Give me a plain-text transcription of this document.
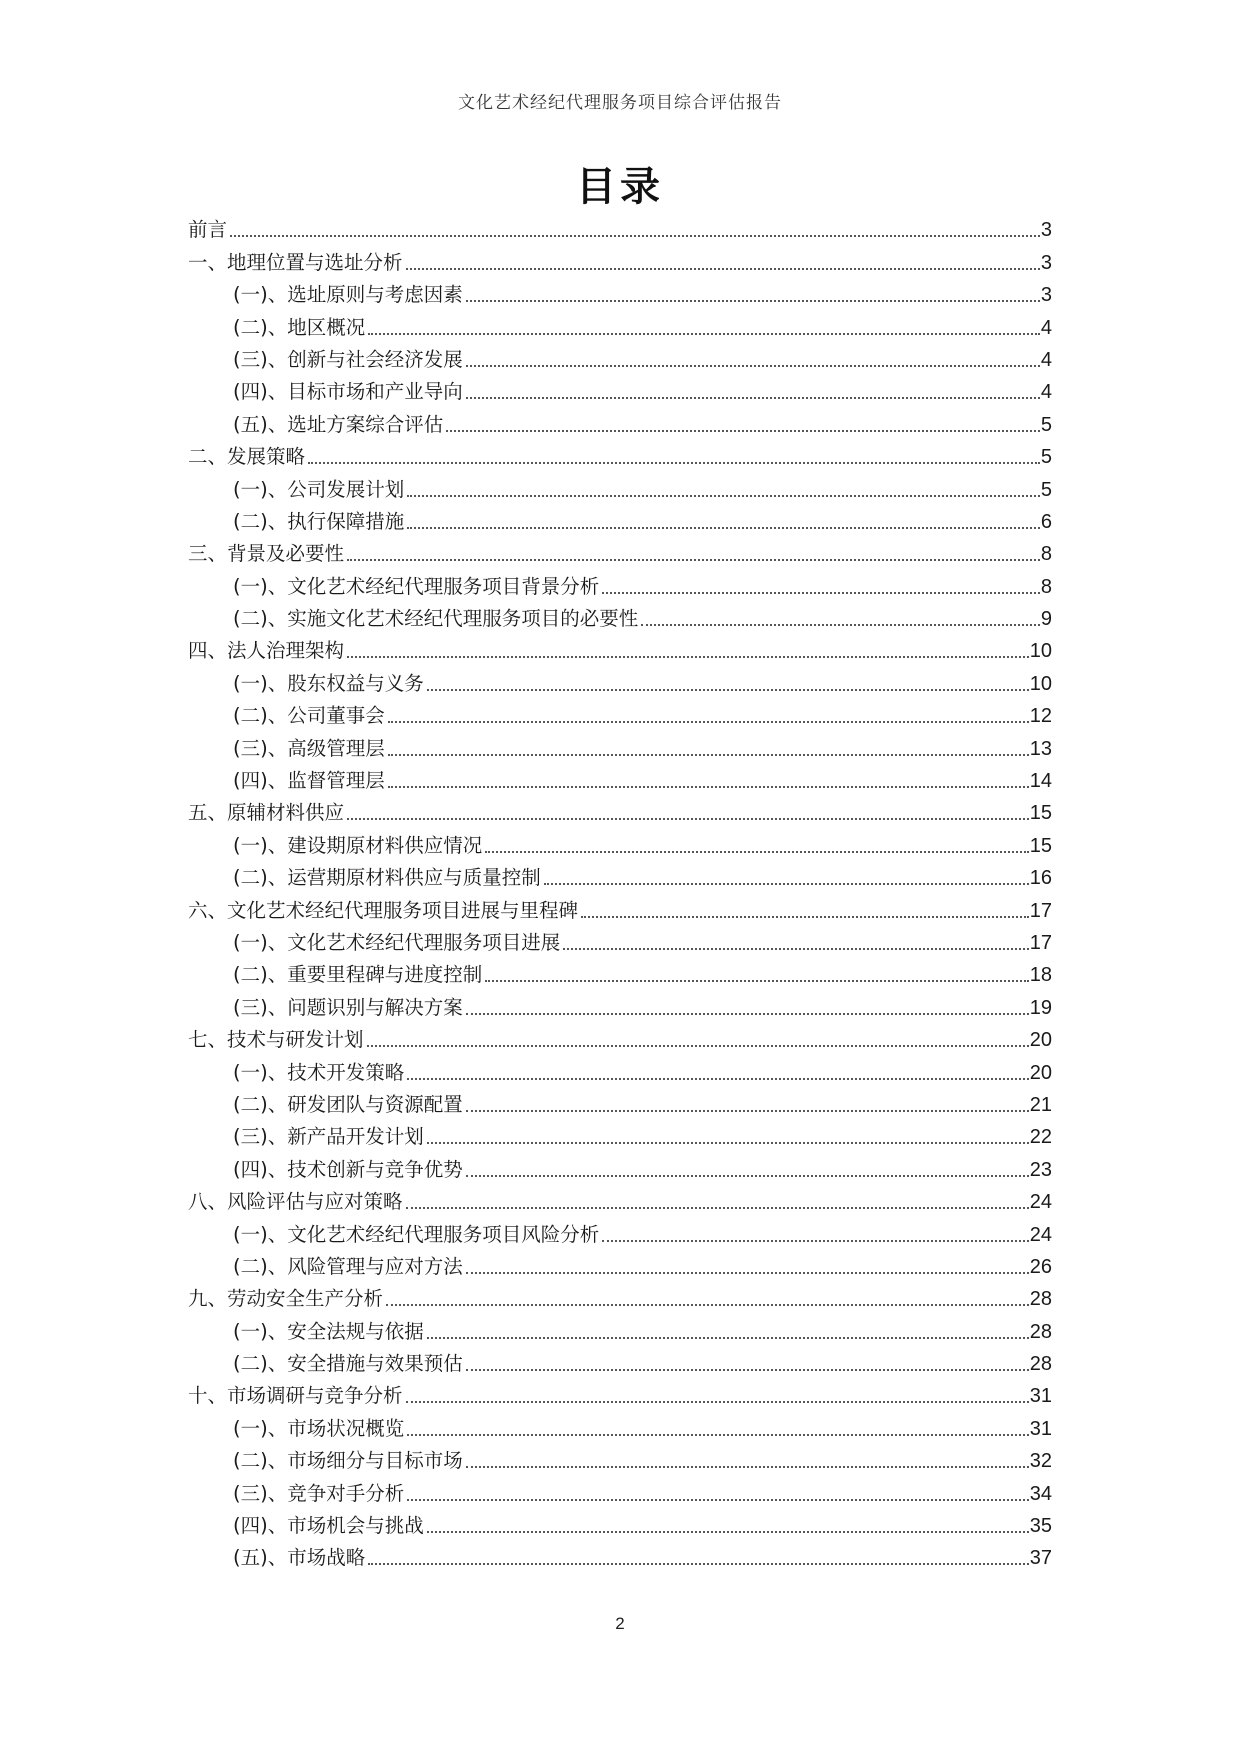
文化艺术经纪代理服务项目综合评估报告
目录
前言	3
一、地理位置与选址分析	3
(一)、选址原则与考虑因素	3
(二)、地区概况	4
(三)、创新与社会经济发展	4
(四)、目标市场和产业导向	4
(五)、选址方案综合评估	5
二、发展策略	5
(一)、公司发展计划	5
(二)、执行保障措施	6
三、背景及必要性	8
(一)、文化艺术经纪代理服务项目背景分析	8
(二)、实施文化艺术经纪代理服务项目的必要性	9
四、法人治理架构	10
(一)、股东权益与义务	10
(二)、公司董事会	12
(三)、高级管理层	13
(四)、监督管理层	14
五、原辅材料供应	15
(一)、建设期原材料供应情况	15
(二)、运营期原材料供应与质量控制	16
六、文化艺术经纪代理服务项目进展与里程碑	17
(一)、文化艺术经纪代理服务项目进展	17
(二)、重要里程碑与进度控制	18
(三)、问题识别与解决方案	19
七、技术与研发计划	20
(一)、技术开发策略	20
(二)、研发团队与资源配置	21
(三)、新产品开发计划	22
(四)、技术创新与竞争优势	23
八、风险评估与应对策略	24
(一)、文化艺术经纪代理服务项目风险分析	24
(二)、风险管理与应对方法	26
九、劳动安全生产分析	28
(一)、安全法规与依据	28
(二)、安全措施与效果预估	28
十、市场调研与竞争分析	31
(一)、市场状况概览	31
(二)、市场细分与目标市场	32
(三)、竞争对手分析	34
(四)、市场机会与挑战	35
(五)、市场战略	37
2
